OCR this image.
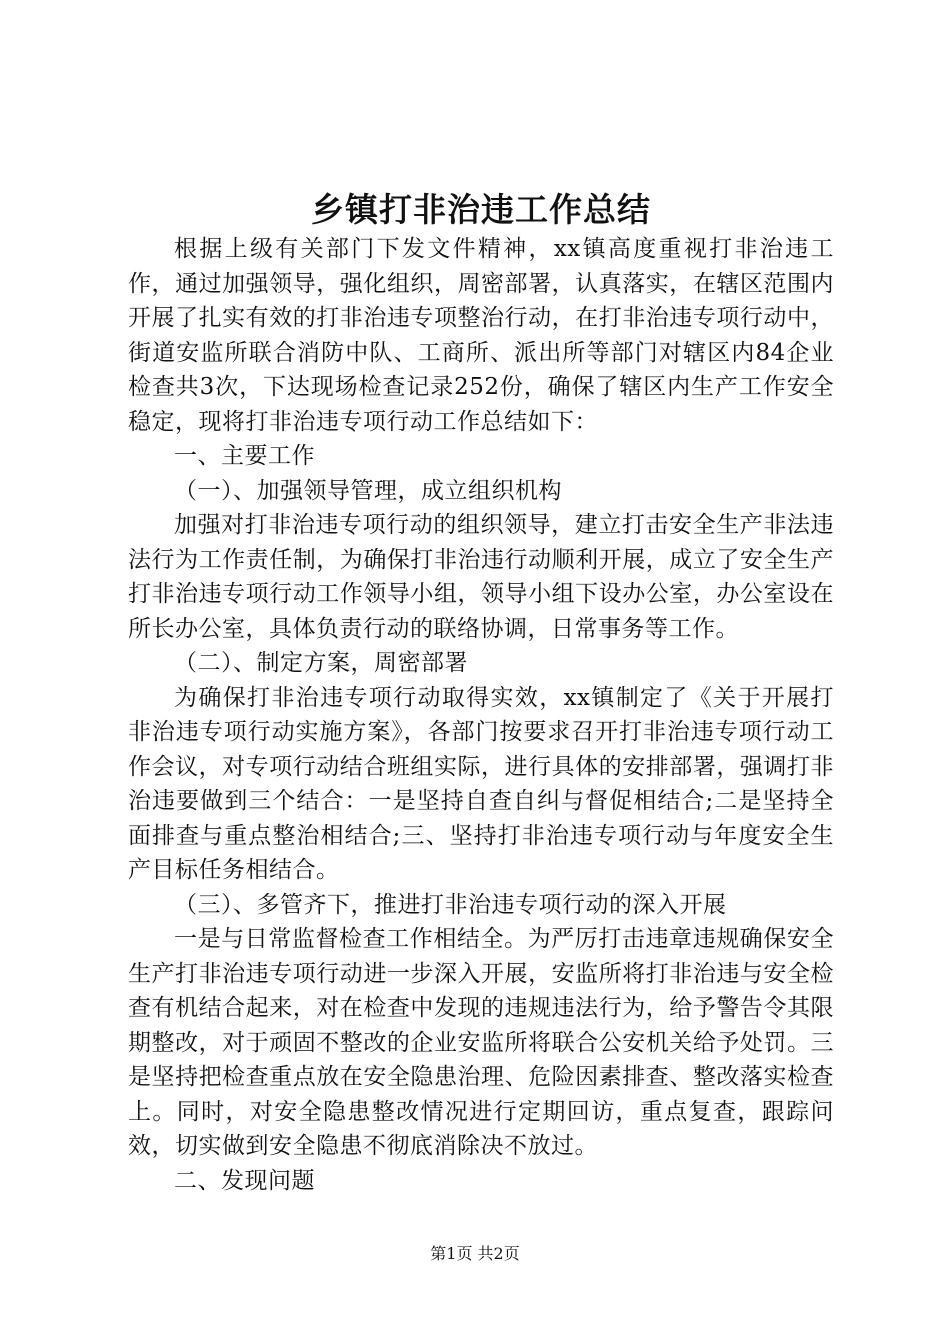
乡镇打非治违工作总结

根据上级有关部门下发文件精神，xx镇高度重视打非治违工作，通过加强领导，强化组织，周密部署，认真落实，在辖区范围内开展了扎实有效的打非治违专项整治行动，在打非治违专项行动中，街道安监所联合消防中队、工商所、派出所等部门对辖区内84企业检查共3次，下达现场检查记录252份，确保了辖区内生产工作安全稳定，现将打非治违专项行动工作总结如下：

一、主要工作

（一）、加强领导管理，成立组织机构

加强对打非治违专项行动的组织领导，建立打击安全生产非法违法行为工作责任制，为确保打非治违行动顺利开展，成立了安全生产打非治违专项行动工作领导小组，领导小组下设办公室，办公室设在所长办公室，具体负责行动的联络协调，日常事务等工作。

（二）、制定方案，周密部署

为确保打非治违专项行动取得实效，xx镇制定了《关于开展打非治违专项行动实施方案》，各部门按要求召开打非治违专项行动工作会议，对专项行动结合班组实际，进行具体的安排部署，强调打非治违要做到三个结合：一是坚持自查自纠与督促相结合;二是坚持全面排查与重点整治相结合;三、坚持打非治违专项行动与年度安全生产目标任务相结合。

（三）、多管齐下，推进打非治违专项行动的深入开展

一是与日常监督检查工作相结全。为严厉打击违章违规确保安全生产打非治违专项行动进一步深入开展，安监所将打非治违与安全检查有机结合起来，对在检查中发现的违规违法行为，给予警告令其限期整改，对于顽固不整改的企业安监所将联合公安机关给予处罚。三是坚持把检查重点放在安全隐患治理、危险因素排查、整改落实检查上。同时，对安全隐患整改情况进行定期回访，重点复查，跟踪问效，切实做到安全隐患不彻底消除决不放过。

二、发现问题

第1页 共2页
